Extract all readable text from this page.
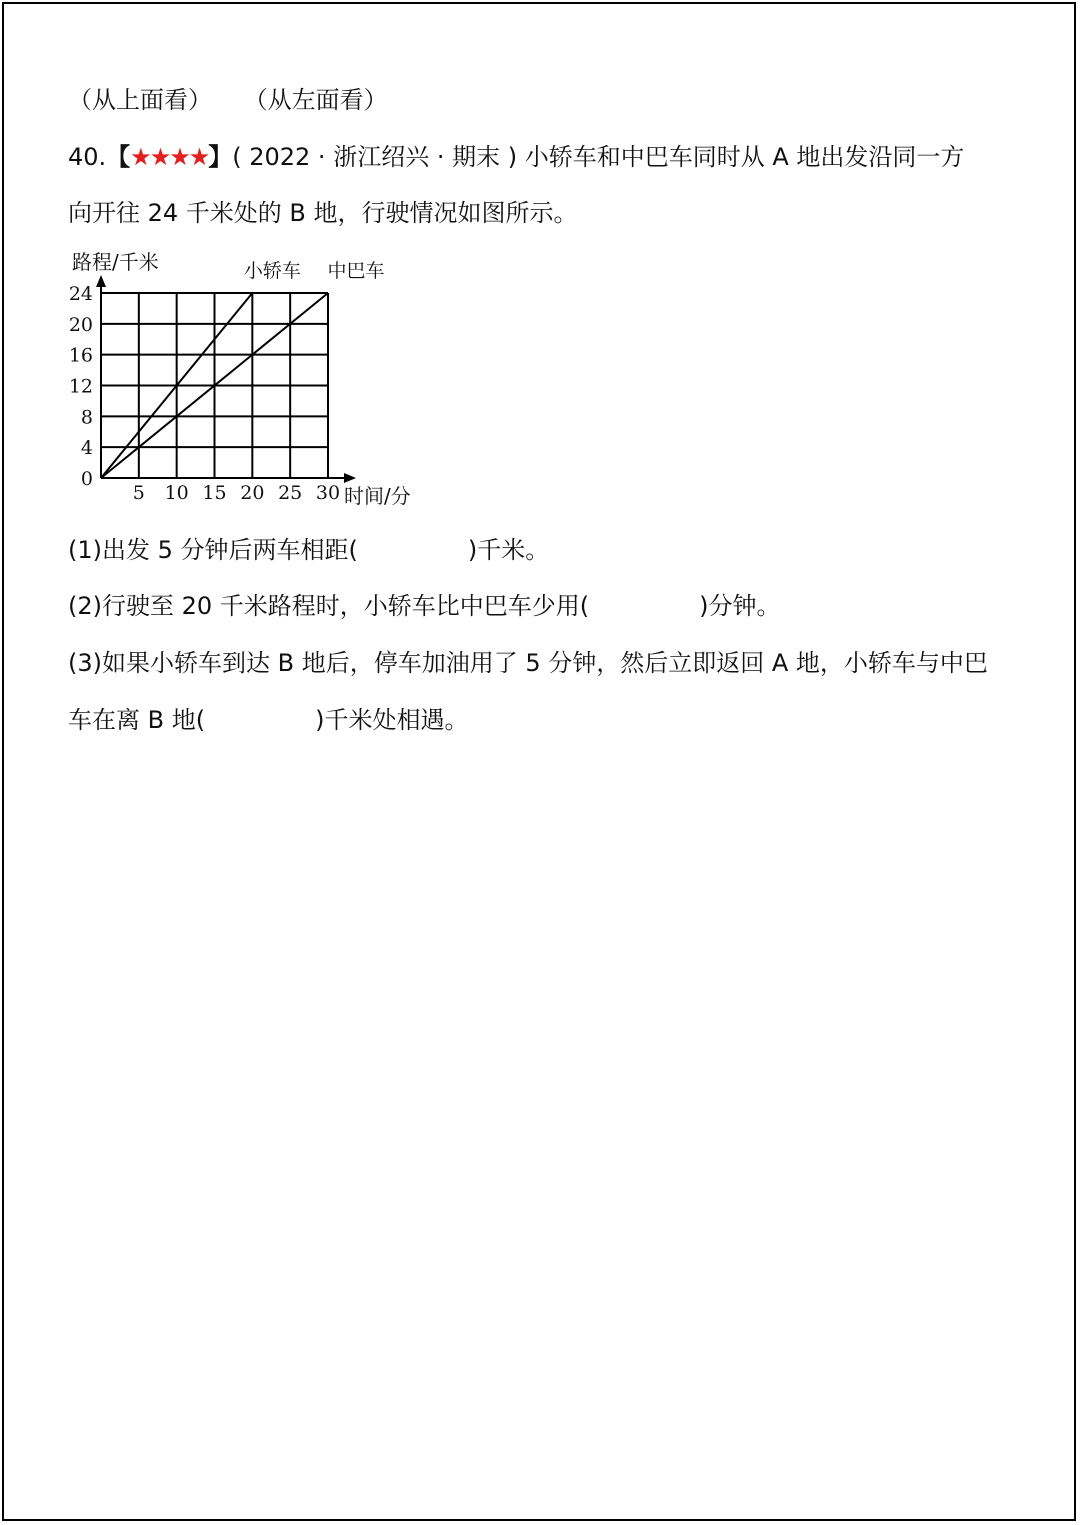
（从上面看） （从左面看）
40.【★★★★】( 2022 · 浙江绍兴 · 期末 ) 小轿车和中巴车同时从 A 地出发沿同一方
向开往 24 千米处的 B 地，行驶情况如图所示。
5 10 15 20 25 30
4
8
12
16
20
24
0
路程/千米
时间/分
小轿车 中巴车
(1)出发 5 分钟后两车相距(	)千米。
(2)行驶至 20 千米路程时，小轿车比中巴车少用(	)分钟。
(3)如果小轿车到达 B 地后，停车加油用了 5 分钟，然后立即返回 A 地，小轿车与中巴
车在离 B 地(	)千米处相遇。
